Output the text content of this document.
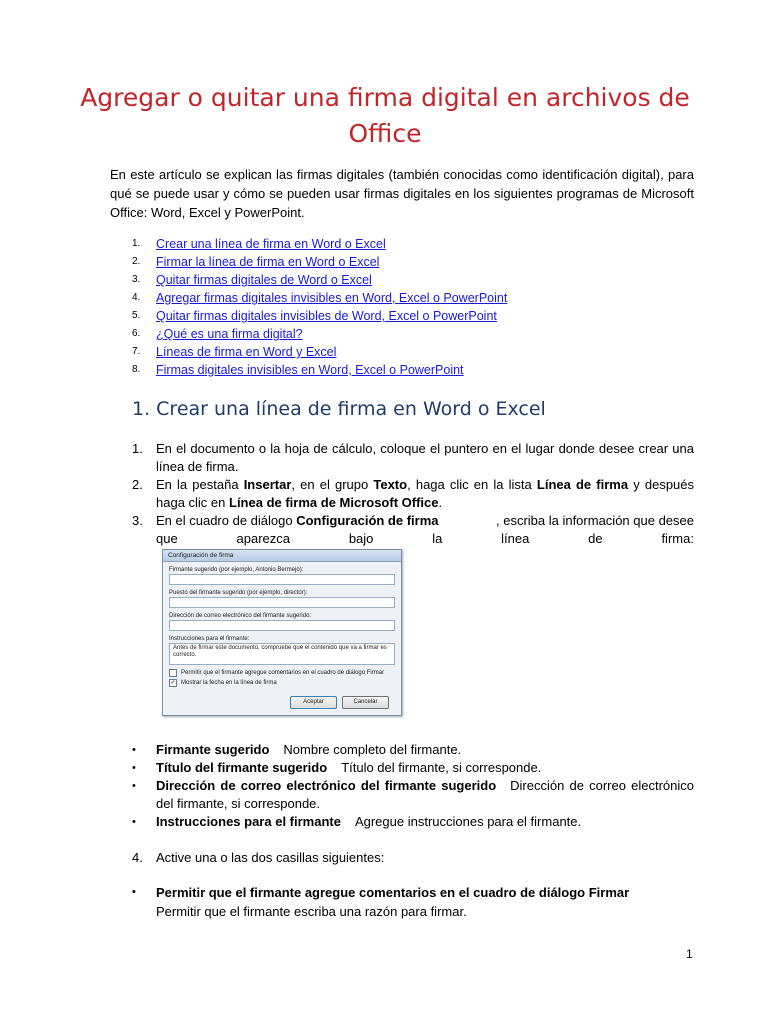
Agregar o quitar una firma digital en archivos de Office

En este artículo se explican las firmas digitales (también conocidas como identificación digital), para qué se puede usar y cómo se pueden usar firmas digitales en los siguientes programas de Microsoft Office: Word, Excel y PowerPoint.

1.	Crear una línea de firma en Word o Excel
2.	Firmar la línea de firma en Word o Excel
3.	Quitar firmas digitales de Word o Excel
4.	Agregar firmas digitales invisibles en Word, Excel o PowerPoint
5.	Quitar firmas digitales invisibles de Word, Excel o PowerPoint
6.	¿Qué es una firma digital?
7.	Líneas de firma en Word y Excel
8.	Firmas digitales invisibles en Word, Excel o PowerPoint
1. Crear una línea de firma en Word o Excel
1. En el documento o la hoja de cálculo, coloque el puntero en el lugar donde desee crear una línea de firma.
2. En la pestaña Insertar, en el grupo Texto, haga clic en la lista Línea de firma y después haga clic en Línea de firma de Microsoft Office.
3. En el cuadro de diálogo Configuración de firma	, escriba la información que desee
que	aparezca	bajo	la	línea	de	firma:
Configuración de firma
Firmante sugerido (por ejemplo, Antonio Bermejo):
Puesto del firmante sugerido (por ejemplo, director):
Dirección de correo electrónico del firmante sugerido:
Instrucciones para el firmante:
Antes de firmar este documento, compruebe que el contenido que va a firmar es correcto.
Permitir que el firmante agregue comentarios en el cuadro de diálogo Firmar
✓ Mostrar la fecha en la línea de firma
Aceptar	Cancelar
• Firmante sugerido Nombre completo del firmante.
• Título del firmante sugerido Título del firmante, si corresponde.
• Dirección de correo electrónico del firmante sugerido Dirección de correo electrónico del firmante, si corresponde.
• Instrucciones para el firmante Agregue instrucciones para el firmante.
4. Active una o las dos casillas siguientes:
• Permitir que el firmante agregue comentarios en el cuadro de diálogo Firmar
Permitir que el firmante escriba una razón para firmar.
1
